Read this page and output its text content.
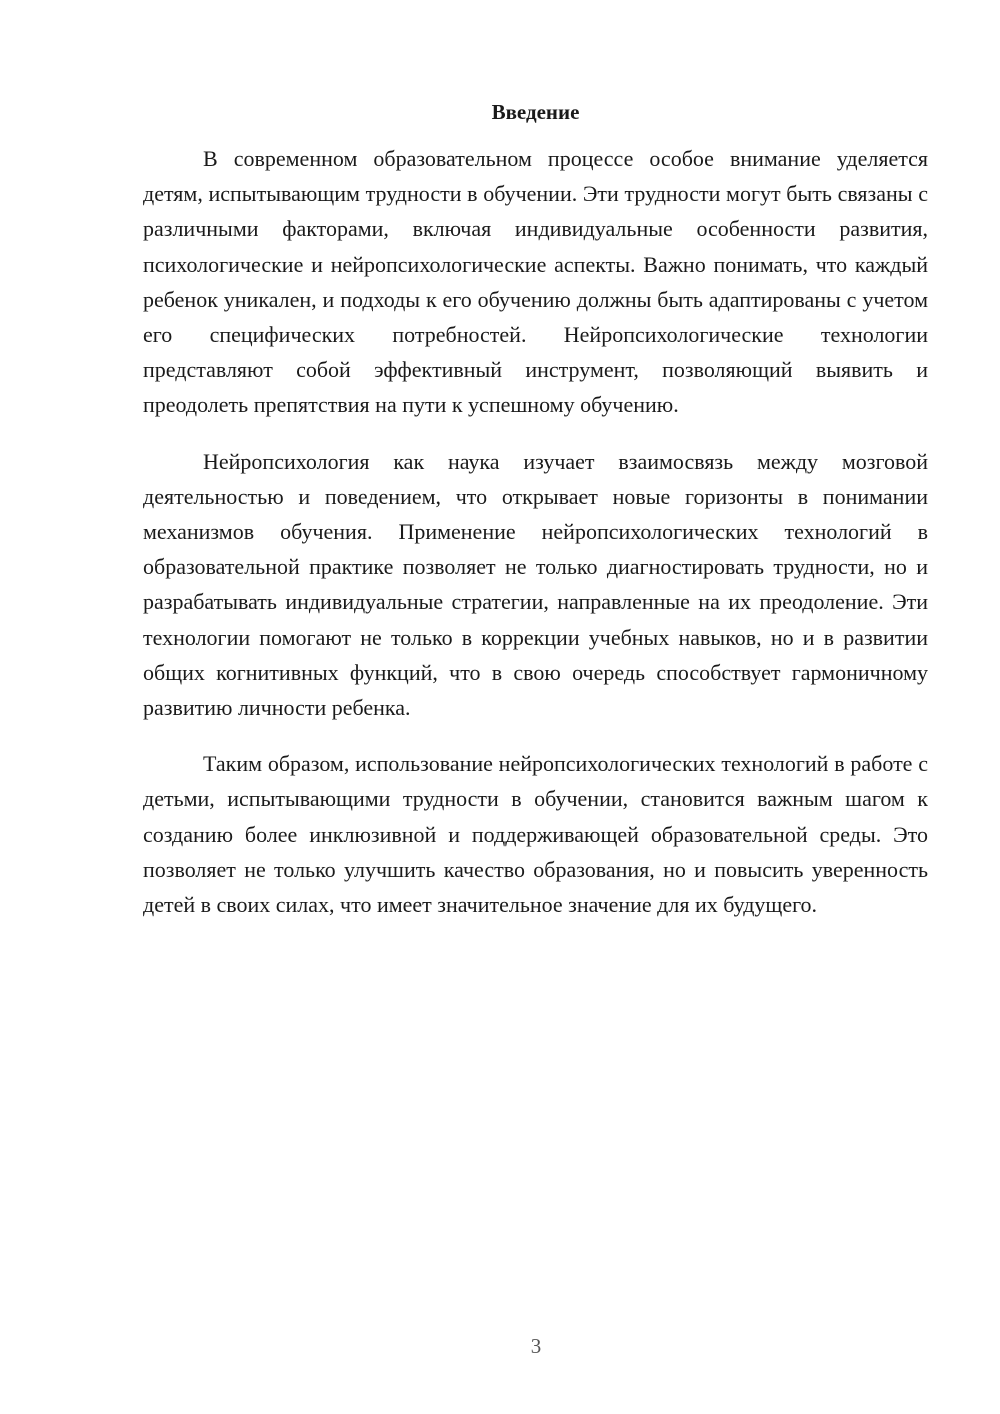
Введение

В современном образовательном процессе особое внимание уделяется детям, испытывающим трудности в обучении. Эти трудности могут быть связаны с различными факторами, включая индивидуальные особенности развития, психологические и нейропсихологические аспекты. Важно понимать, что каждый ребенок уникален, и подходы к его обучению должны быть адаптированы с учетом его специфических потребностей. Нейропсихологические технологии представляют собой эффективный инструмент, позволяющий выявить и преодолеть препятствия на пути к успешному обучению.

Нейропсихология как наука изучает взаимосвязь между мозговой деятельностью и поведением, что открывает новые горизонты в понимании механизмов обучения. Применение нейропсихологических технологий в образовательной практике позволяет не только диагностировать трудности, но и разрабатывать индивидуальные стратегии, направленные на их преодоление. Эти технологии помогают не только в коррекции учебных навыков, но и в развитии общих когнитивных функций, что в свою очередь способствует гармоничному развитию личности ребенка.

Таким образом, использование нейропсихологических технологий в работе с детьми, испытывающими трудности в обучении, становится важным шагом к созданию более инклюзивной и поддерживающей образовательной среды. Это позволяет не только улучшить качество образования, но и повысить уверенность детей в своих силах, что имеет значительное значение для их будущего.

3
